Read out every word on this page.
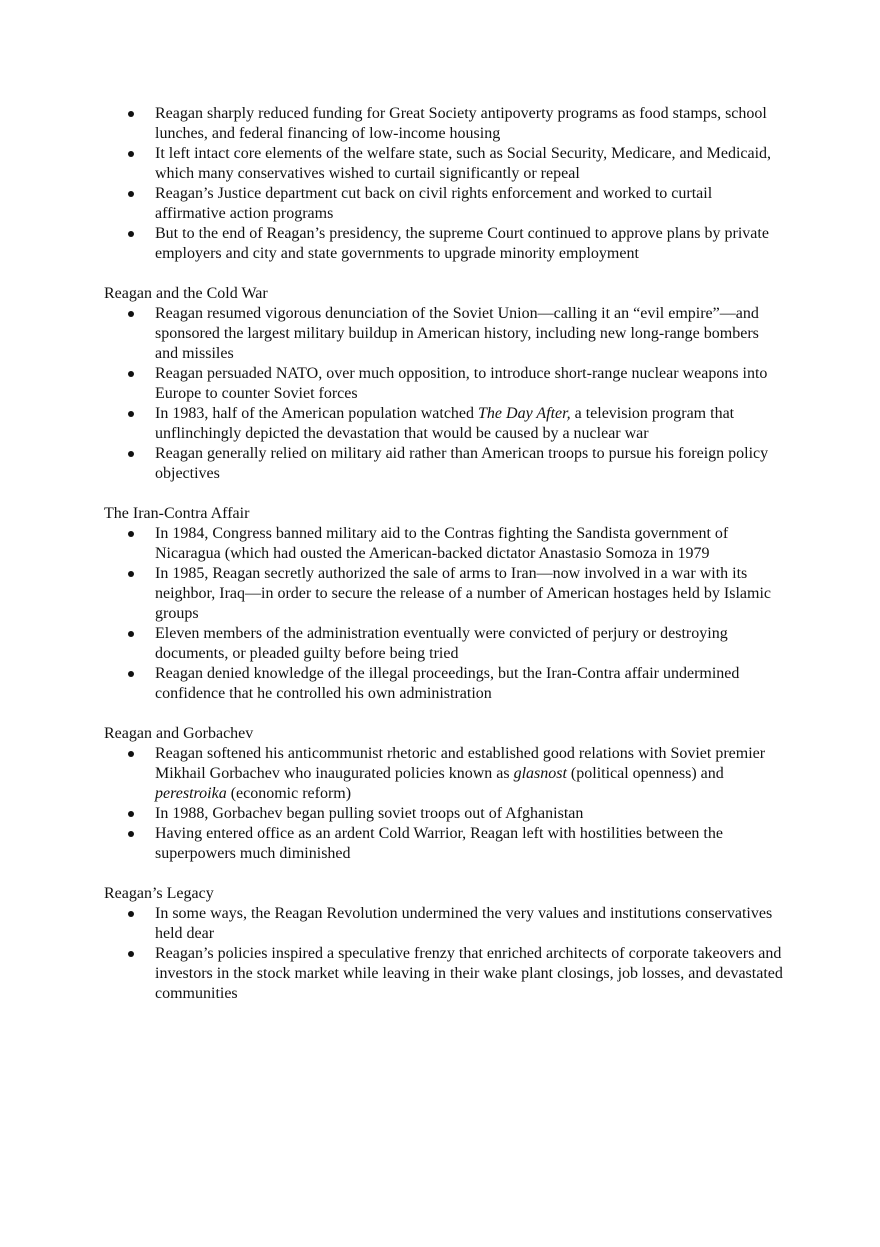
Reagan sharply reduced funding for Great Society antipoverty programs as food stamps, school lunches, and federal financing of low-income housing
It left intact core elements of the welfare state, such as Social Security, Medicare, and Medicaid, which many conservatives wished to curtail significantly or repeal
Reagan’s Justice department cut back on civil rights enforcement and worked to curtail affirmative action programs
But to the end of Reagan’s presidency, the supreme Court continued to approve plans by private employers and city and state governments to upgrade minority employment

Reagan and the Cold War

Reagan resumed vigorous denunciation of the Soviet Union—calling it an “evil empire”—and sponsored the largest military buildup in American history, including new long-range bombers and missiles
Reagan persuaded NATO, over much opposition, to introduce short-range nuclear weapons into Europe to counter Soviet forces
In 1983, half of the American population watched The Day After, a television program that unflinchingly depicted the devastation that would be caused by a nuclear war
Reagan generally relied on military aid rather than American troops to pursue his foreign policy objectives

The Iran-Contra Affair

In 1984, Congress banned military aid to the Contras fighting the Sandista government of Nicaragua (which had ousted the American-backed dictator Anastasio Somoza in 1979
In 1985, Reagan secretly authorized the sale of arms to Iran—now involved in a war with its neighbor, Iraq—in order to secure the release of a number of American hostages held by Islamic groups
Eleven members of the administration eventually were convicted of perjury or destroying documents, or pleaded guilty before being tried
Reagan denied knowledge of the illegal proceedings, but the Iran-Contra affair undermined confidence that he controlled his own administration

Reagan and Gorbachev

Reagan softened his anticommunist rhetoric and established good relations with Soviet premier Mikhail Gorbachev who inaugurated policies known as glasnost (political openness) and perestroika (economic reform)
In 1988, Gorbachev began pulling soviet troops out of Afghanistan
Having entered office as an ardent Cold Warrior, Reagan left with hostilities between the superpowers much diminished

Reagan’s Legacy

In some ways, the Reagan Revolution undermined the very values and institutions conservatives held dear
Reagan’s policies inspired a speculative frenzy that enriched architects of corporate takeovers and investors in the stock market while leaving in their wake plant closings, job losses, and devastated communities
